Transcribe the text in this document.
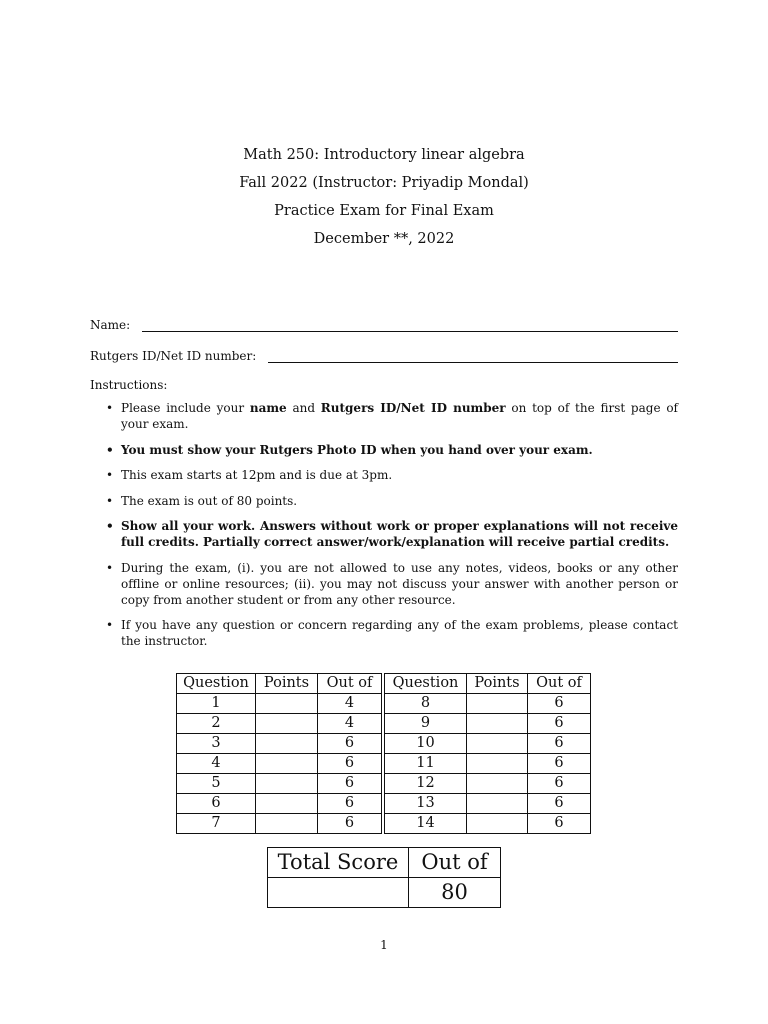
Math 250: Introductory linear algebra
Fall 2022 (Instructor: Priyadip Mondal)
Practice Exam for Final Exam
December **, 2022
Name:
Rutgers ID/Net ID number:
Instructions:
• Please include your name and Rutgers ID/Net ID number on top of the first page of your exam.
• You must show your Rutgers Photo ID when you hand over your exam.
• This exam starts at 12pm and is due at 3pm.
• The exam is out of 80 points.
• Show all your work. Answers without work or proper explanations will not receive full credits. Partially correct answer/work/explanation will receive partial credits.
• During the exam, (i). you are not allowed to use any notes, videos, books or any other offline or online resources; (ii). you may not discuss your answer with another person or copy from another student or from any other resource.
• If you have any question or concern regarding any of the exam problems, please contact the instructor.
Question	Points	Out of	Question	Points	Out of
1		4	8		6
2		4	9		6
3		6	10		6
4		6	11		6
5		6	12		6
6		6	13		6
7		6	14		6
Total Score	Out of
	80
1
